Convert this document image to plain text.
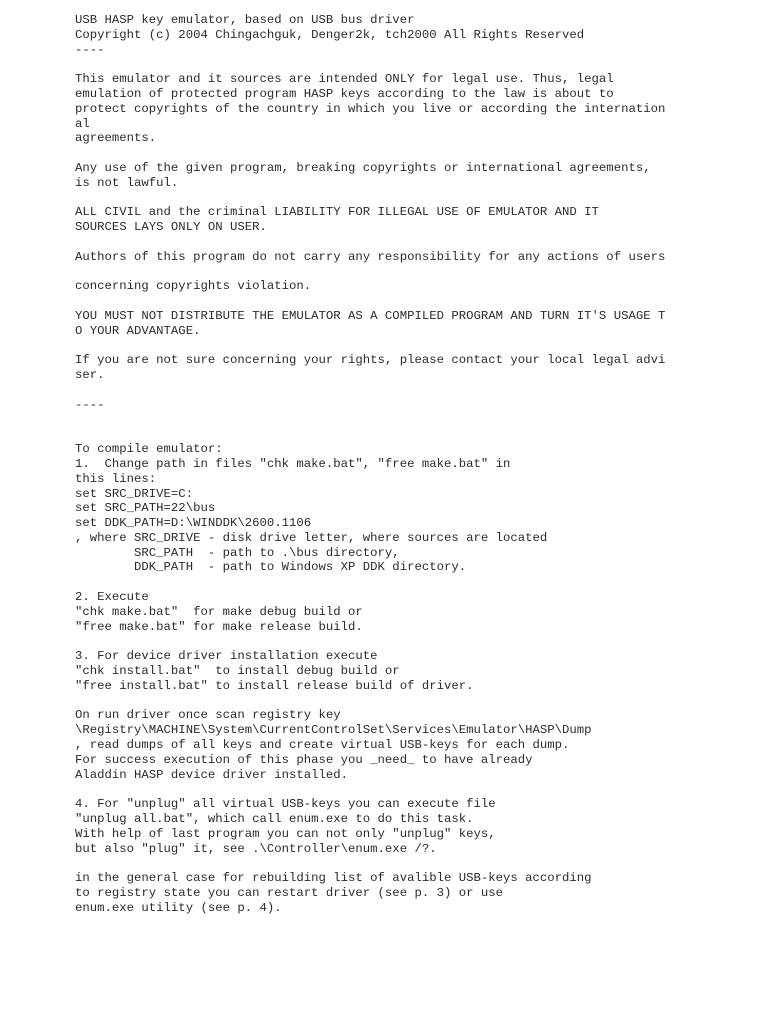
USB HASP key emulator, based on USB bus driver
Copyright (c) 2004 Chingachguk, Denger2k, tch2000 All Rights Reserved
----
This emulator and it sources are intended ONLY for legal use. Thus, legal
emulation of protected program HASP keys according to the law is about to
protect copyrights of the country in which you live or according the internation
al
agreements.
Any use of the given program, breaking copyrights or international agreements,
is not lawful.
ALL CIVIL and the criminal LIABILITY FOR ILLEGAL USE OF EMULATOR AND IT
SOURCES LAYS ONLY ON USER.
Authors of this program do not carry any responsibility for any actions of users
concerning copyrights violation.
YOU MUST NOT DISTRIBUTE THE EMULATOR AS A COMPILED PROGRAM AND TURN IT'S USAGE T
O YOUR ADVANTAGE.
If you are not sure concerning your rights, please contact your local legal advi
ser.
----
To compile emulator:
1.  Change path in files "chk make.bat", "free make.bat" in
this lines:
set SRC_DRIVE=C:
set SRC_PATH=22\bus
set DDK_PATH=D:\WINDDK\2600.1106
, where SRC_DRIVE - disk drive letter, where sources are located
SRC_PATH  - path to .\bus directory,
DDK_PATH  - path to Windows XP DDK directory.
2. Execute
"chk make.bat"  for make debug build or
"free make.bat" for make release build.
3. For device driver installation execute
"chk install.bat"  to install debug build or
"free install.bat" to install release build of driver.
On run driver once scan registry key
\Registry\MACHINE\System\CurrentControlSet\Services\Emulator\HASP\Dump
, read dumps of all keys and create virtual USB-keys for each dump.
For success execution of this phase you _need_ to have already
Aladdin HASP device driver installed.
4. For "unplug" all virtual USB-keys you can execute file
"unplug all.bat", which call enum.exe to do this task.
With help of last program you can not only "unplug" keys,
but also "plug" it, see .\Controller\enum.exe /?.
in the general case for rebuilding list of avalible USB-keys according
to registry state you can restart driver (see p. 3) or use
enum.exe utility (see p. 4).
